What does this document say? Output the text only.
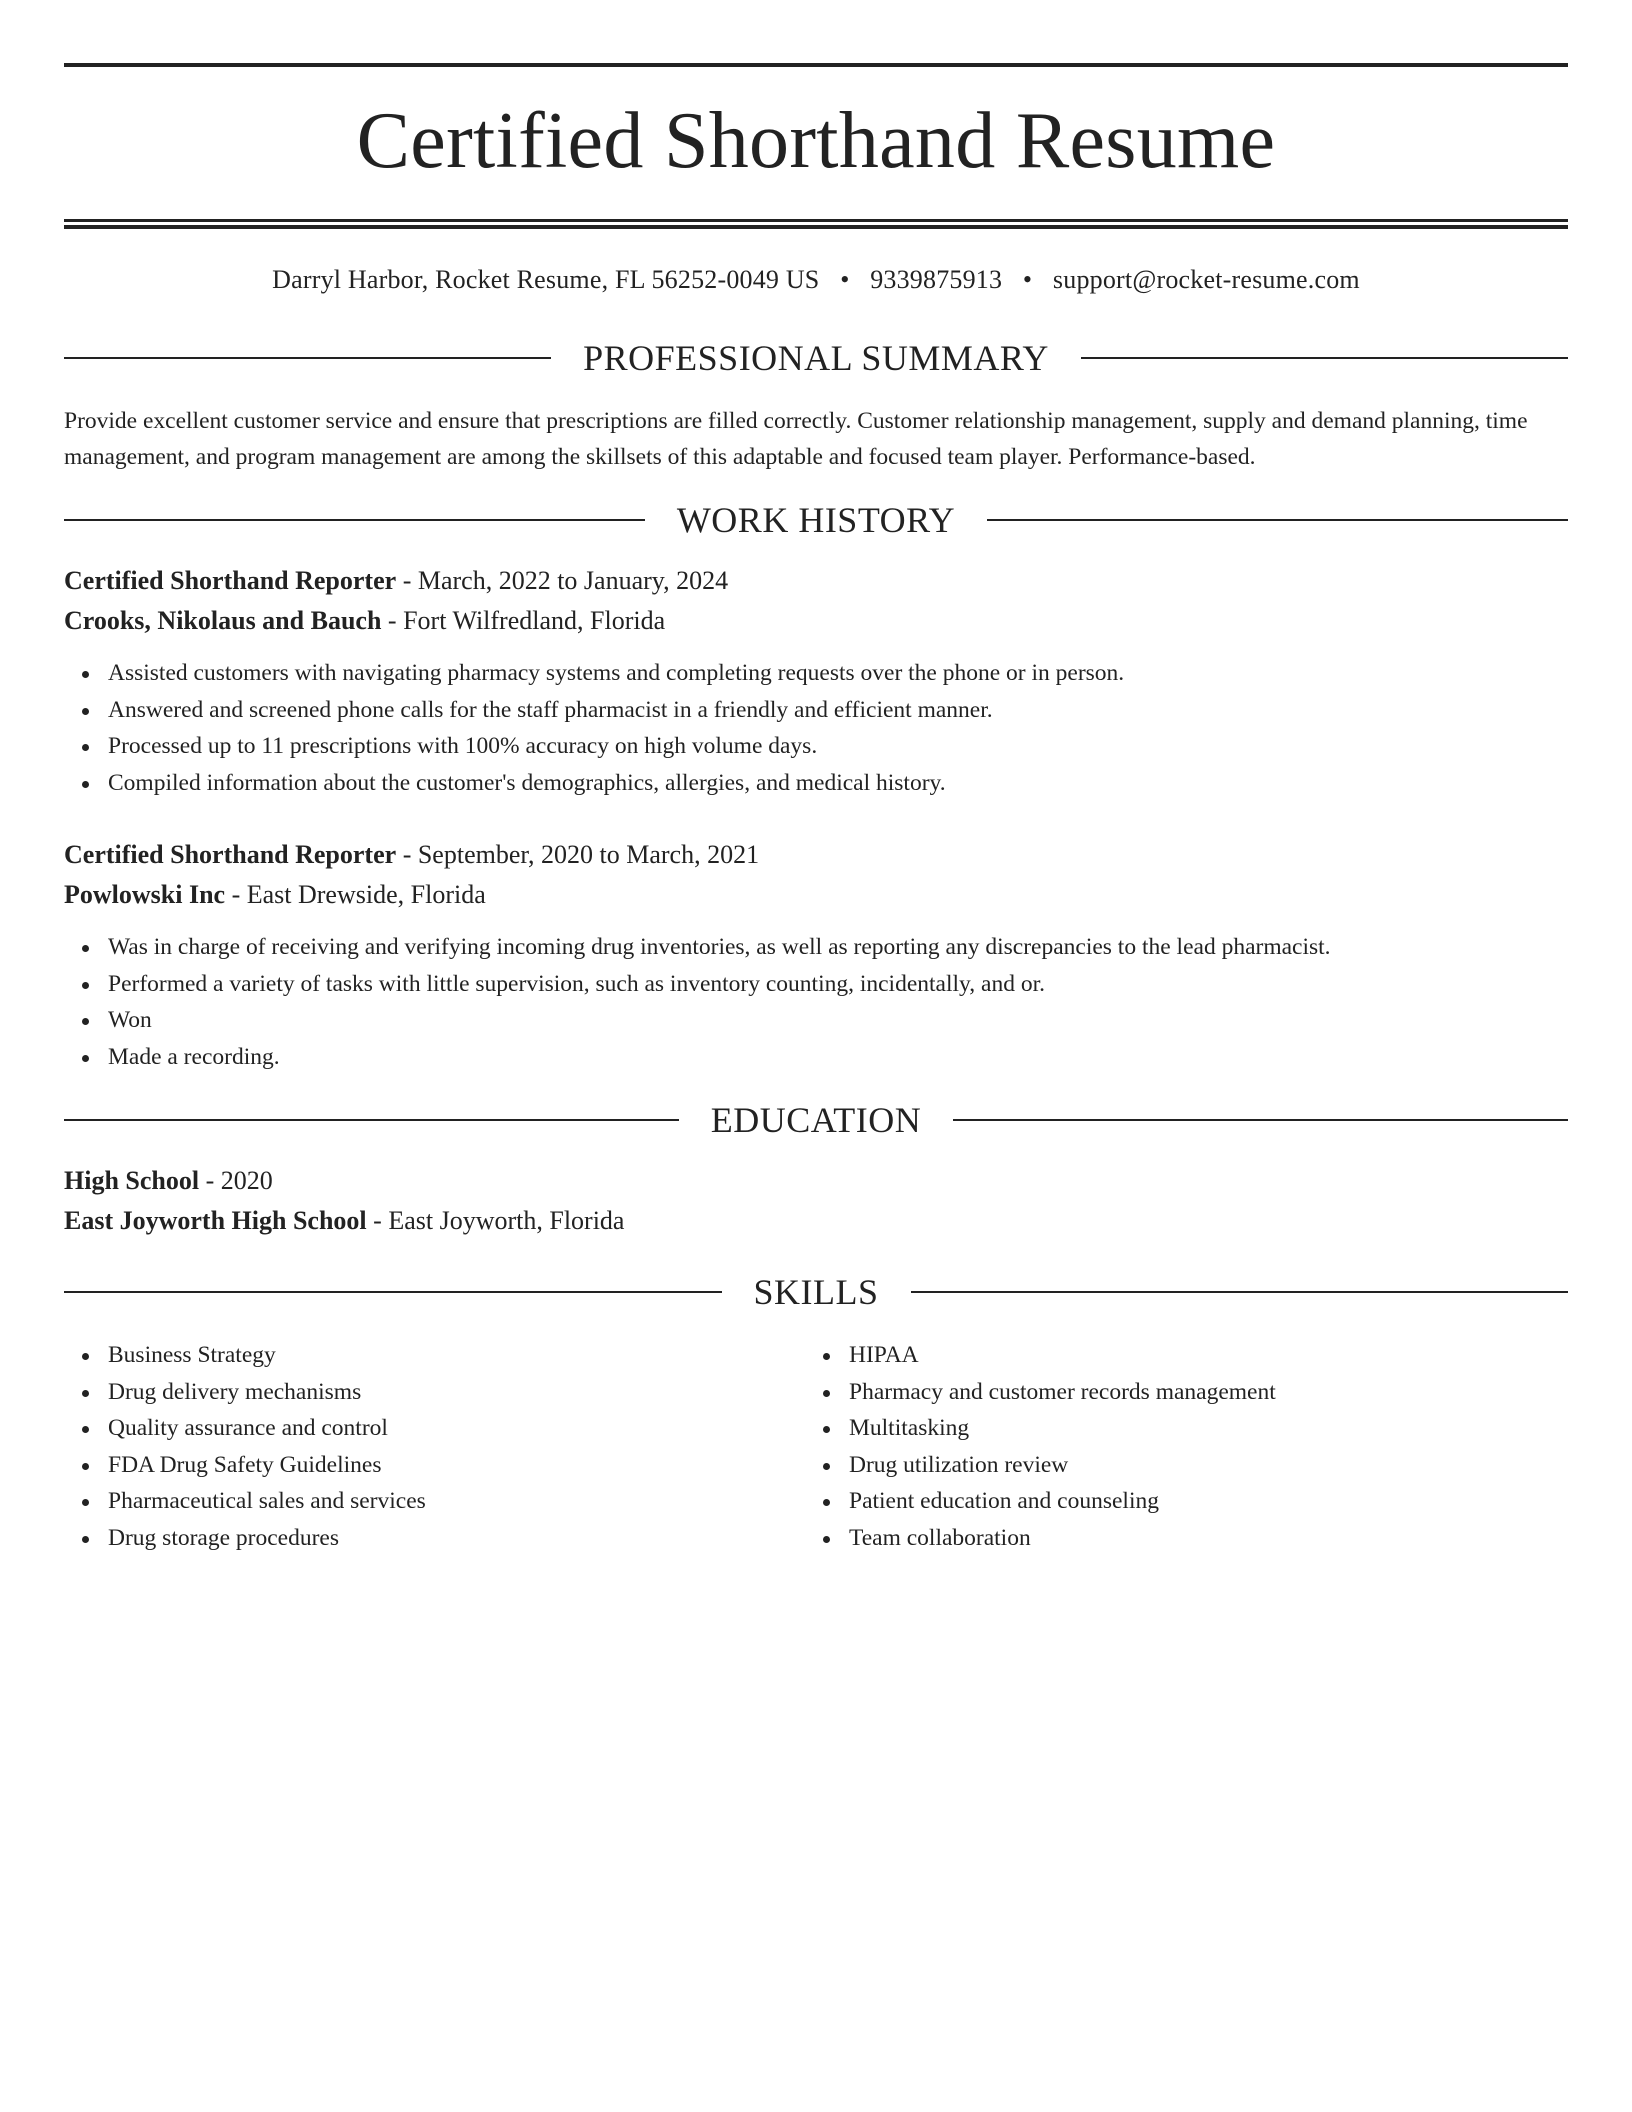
Certified Shorthand Resume
Darryl Harbor, Rocket Resume, FL 56252-0049 US • 9339875913 • support@rocket-resume.com
PROFESSIONAL SUMMARY
Provide excellent customer service and ensure that prescriptions are filled correctly. Customer relationship management, supply and demand planning, time management, and program management are among the skillsets of this adaptable and focused team player. Performance-based.
WORK HISTORY
Certified Shorthand Reporter - March, 2022 to January, 2024
Crooks, Nikolaus and Bauch - Fort Wilfredland, Florida
Assisted customers with navigating pharmacy systems and completing requests over the phone or in person.
Answered and screened phone calls for the staff pharmacist in a friendly and efficient manner.
Processed up to 11 prescriptions with 100% accuracy on high volume days.
Compiled information about the customer's demographics, allergies, and medical history.
Certified Shorthand Reporter - September, 2020 to March, 2021
Powlowski Inc - East Drewside, Florida
Was in charge of receiving and verifying incoming drug inventories, as well as reporting any discrepancies to the lead pharmacist.
Performed a variety of tasks with little supervision, such as inventory counting, incidentally, and or.
Won
Made a recording.
EDUCATION
High School - 2020
East Joyworth High School - East Joyworth, Florida
SKILLS
Business Strategy
Drug delivery mechanisms
Quality assurance and control
FDA Drug Safety Guidelines
Pharmaceutical sales and services
Drug storage procedures
HIPAA
Pharmacy and customer records management
Multitasking
Drug utilization review
Patient education and counseling
Team collaboration
